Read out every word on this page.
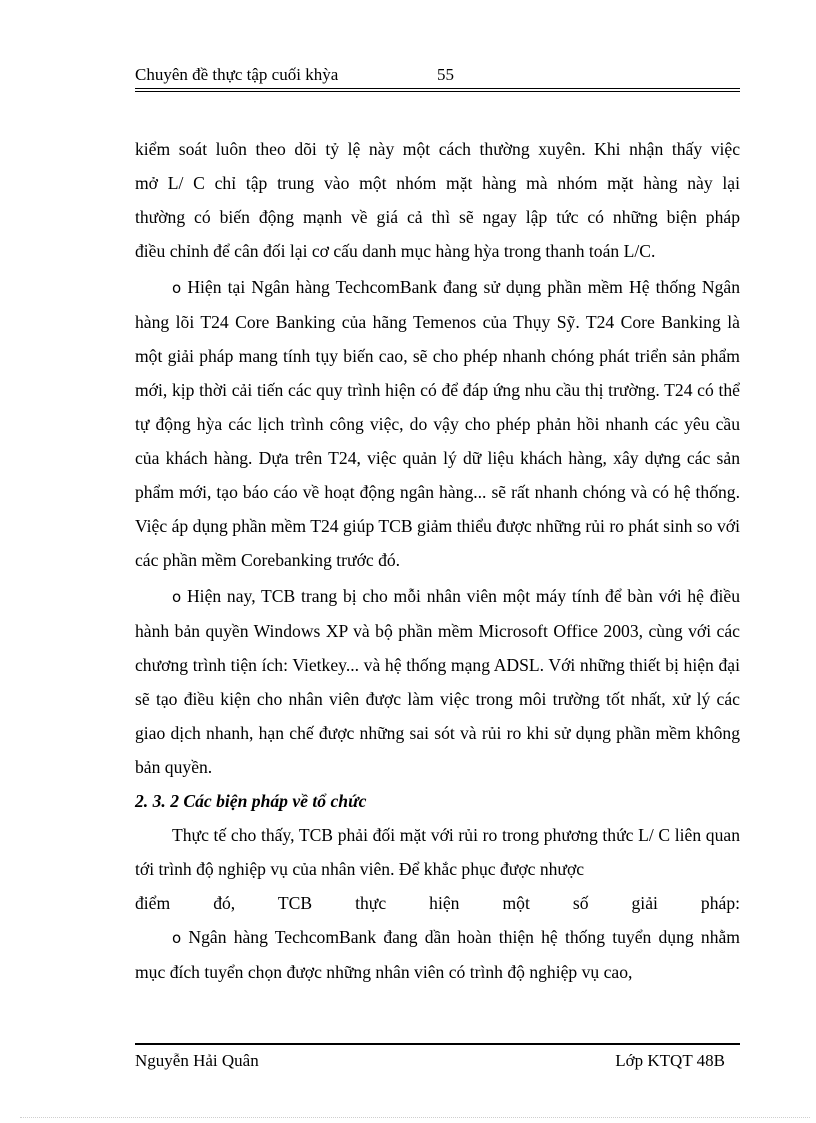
Chuyên đề thực tập cuối khỳa	55

kiểm soát luôn theo dõi tỷ lệ này một cách thường xuyên. Khi nhận thấy việc

mở L/ C chỉ tập trung vào một nhóm mặt hàng mà nhóm mặt hàng này lại

thường có biến động mạnh về giá cả thì sẽ ngay lập tức có những biện pháp

điều chỉnh để cân đối lại cơ cấu danh mục hàng hỳa trong thanh toán L/C.

o Hiện tại Ngân hàng TechcomBank đang sử dụng phần mềm Hệ thống Ngân hàng lõi T24 Core Banking của hãng Temenos của Thụy Sỹ. T24 Core Banking là một giải pháp mang tính tụy biến cao, sẽ cho phép nhanh chóng phát triển sản phẩm mới, kịp thời cải tiến các quy trình hiện có để đáp ứng nhu cầu thị trường. T24 có thể tự động hỳa các lịch trình công việc, do vậy cho phép phản hồi nhanh các yêu cầu của khách hàng. Dựa trên T24, việc quản lý dữ liệu khách hàng, xây dựng các sản phẩm mới, tạo báo cáo về hoạt động ngân hàng... sẽ rất nhanh chóng và có hệ thống. Việc áp dụng phần mềm T24 giúp TCB giảm thiểu được những rủi ro phát sinh so với các phần mềm Corebanking trước đó.

o Hiện nay, TCB trang bị cho mỗi nhân viên một máy tính để bàn với hệ điều hành bản quyền Windows XP và bộ phần mềm Microsoft Office 2003, cùng với các chương trình tiện ích: Vietkey... và hệ thống mạng ADSL. Với những thiết bị hiện đại sẽ tạo điều kiện cho nhân viên được làm việc trong môi trường tốt nhất, xử lý các giao dịch nhanh, hạn chế được những sai sót và rủi ro khi sử dụng phần mềm không bản quyền.

2. 3. 2 Các biện pháp về tổ chức

Thực tế cho thấy, TCB phải đối mặt với rủi ro trong phương thức L/ C liên quan tới trình độ nghiệp vụ của nhân viên. Để khắc phục được nhược

điểm đó, TCB thực hiện một số giải pháp:

o Ngân hàng TechcomBank đang dần hoàn thiện hệ thống tuyển dụng nhằm mục đích tuyển chọn được những nhân viên có trình độ nghiệp vụ cao,

Nguyễn Hải Quân	Lớp KTQT 48B
